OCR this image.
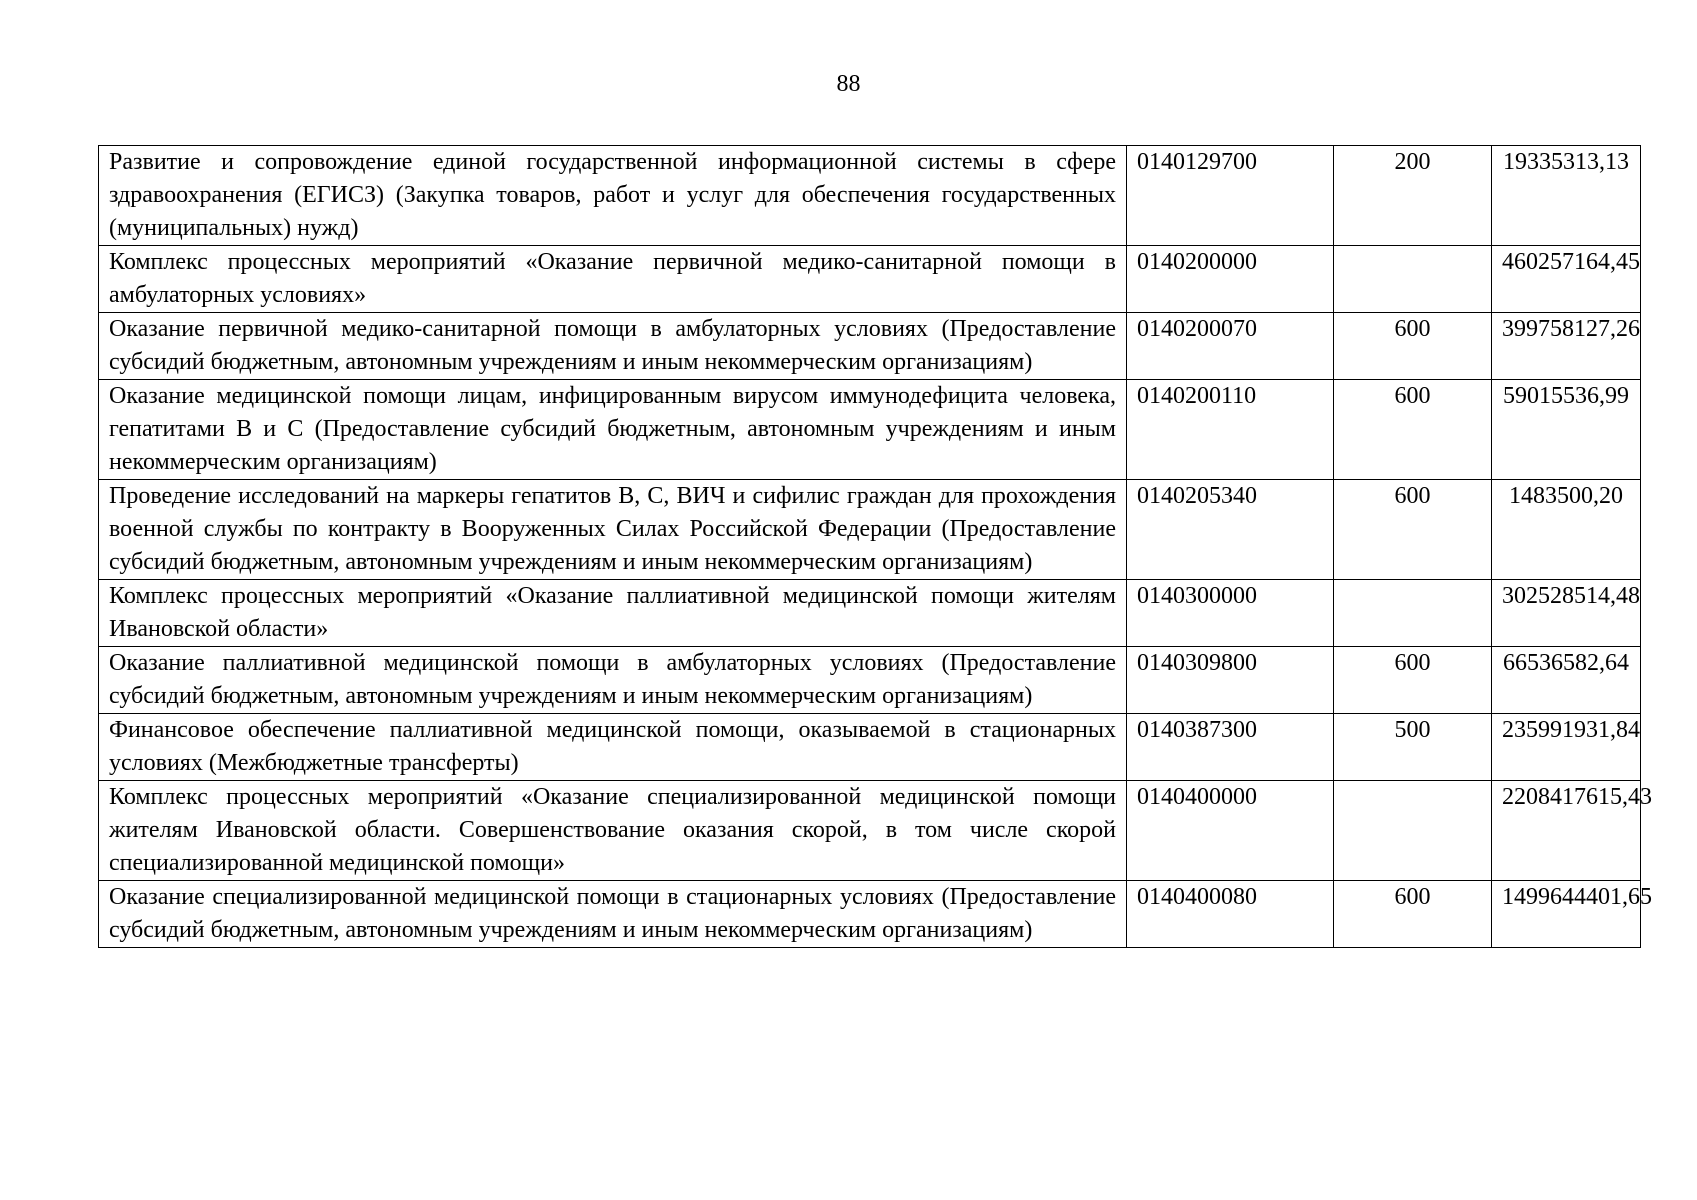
88
Развитие и сопровождение единой государственной информационной системы в сфере здравоохранения (ЕГИСЗ) (Закупка товаров, работ и услуг для обеспечения государственных (муниципальных) нужд)	0140129700	200	19335313,13
Комплекс процессных мероприятий «Оказание первичной медико-санитарной помощи в амбулаторных условиях»	0140200000		460257164,45
Оказание первичной медико-санитарной помощи в амбулаторных условиях (Предоставление субсидий бюджетным, автономным учреждениям и иным некоммерческим организациям)	0140200070	600	399758127,26
Оказание медицинской помощи лицам, инфицированным вирусом иммунодефицита человека, гепатитами B и C (Предоставление субсидий бюджетным, автономным учреждениям и иным некоммерческим организациям)	0140200110	600	59015536,99
Проведение исследований на маркеры гепатитов B, C, ВИЧ и сифилис граждан для прохождения военной службы по контракту в Вооруженных Силах Российской Федерации (Предоставление субсидий бюджетным, автономным учреждениям и иным некоммерческим организациям)	0140205340	600	1483500,20
Комплекс процессных мероприятий «Оказание паллиативной медицинской помощи жителям Ивановской области»	0140300000		302528514,48
Оказание паллиативной медицинской помощи в амбулаторных условиях (Предоставление субсидий бюджетным, автономным учреждениям и иным некоммерческим организациям)	0140309800	600	66536582,64
Финансовое обеспечение паллиативной медицинской помощи, оказываемой в стационарных условиях (Межбюджетные трансферты)	0140387300	500	235991931,84
Комплекс процессных мероприятий «Оказание специализированной медицинской помощи жителям Ивановской области. Совершенствование оказания скорой, в том числе скорой специализированной медицинской помощи»	0140400000		2208417615,43
Оказание специализированной медицинской помощи в стационарных условиях (Предоставление субсидий бюджетным, автономным учреждениям и иным некоммерческим организациям)	0140400080	600	1499644401,65
